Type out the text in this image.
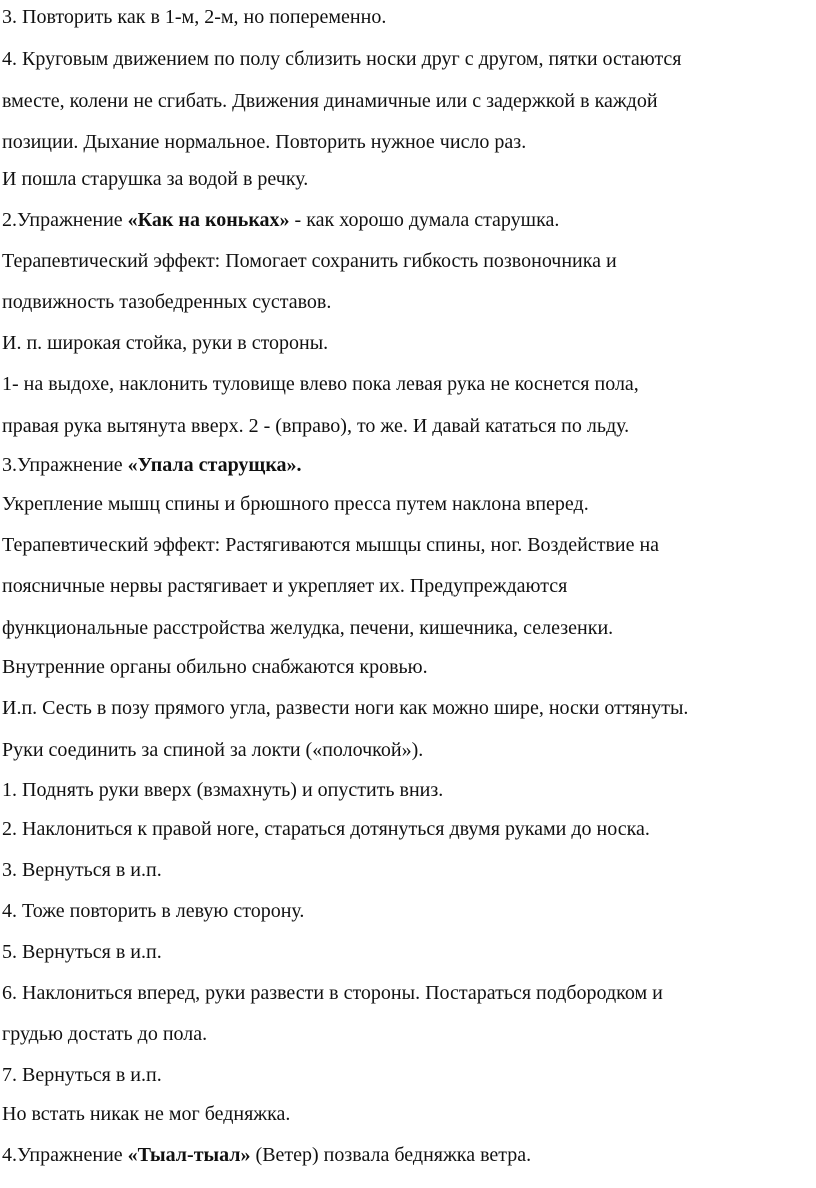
3. Повторить как в 1-м, 2-м, но попеременно.
4. Круговым движением по полу сблизить носки друг с другом, пятки остаются
вместе, колени не сгибать. Движения динамичные или с задержкой в каждой
позиции. Дыхание нормальное. Повторить нужное число раз.
И пошла старушка за водой в речку.
2.Упражнение «Как на коньках» - как хорошо думала старушка.
Терапевтический эффект: Помогает сохранить гибкость позвоночника и
подвижность тазобедренных суставов.
И. п. широкая стойка, руки в стороны.
1- на выдохе, наклонить туловище влево пока левая рука не коснется пола,
правая рука вытянута вверх. 2 - (вправо), то же. И давай кататься по льду.
3.Упражнение «Упала старущка».
Укрепление мышц спины и брюшного пресса путем наклона вперед.
Терапевтический эффект: Растягиваются мышцы спины, ног. Воздействие на
поясничные нервы растягивает и укрепляет их. Предупреждаются
функциональные расстройства желудка, печени, кишечника, селезенки.
Внутренние органы обильно снабжаются кровью.
И.п. Сесть в позу прямого угла, развести ноги как можно шире, носки оттянуты.
Руки соединить за спиной за локти («полочкой»).
1. Поднять руки вверх (взмахнуть) и опустить вниз.
2. Наклониться к правой ноге, стараться дотянуться двумя руками до носка.
3. Вернуться в и.п.
4. Тоже повторить в левую сторону.
5. Вернуться в и.п.
6. Наклониться вперед, руки развести в стороны. Постараться подбородком и
грудью достать до пола.
7. Вернуться в и.п.
Но встать никак не мог бедняжка.
4.Упражнение «Тыал-тыал» (Ветер) позвала бедняжка ветра.
